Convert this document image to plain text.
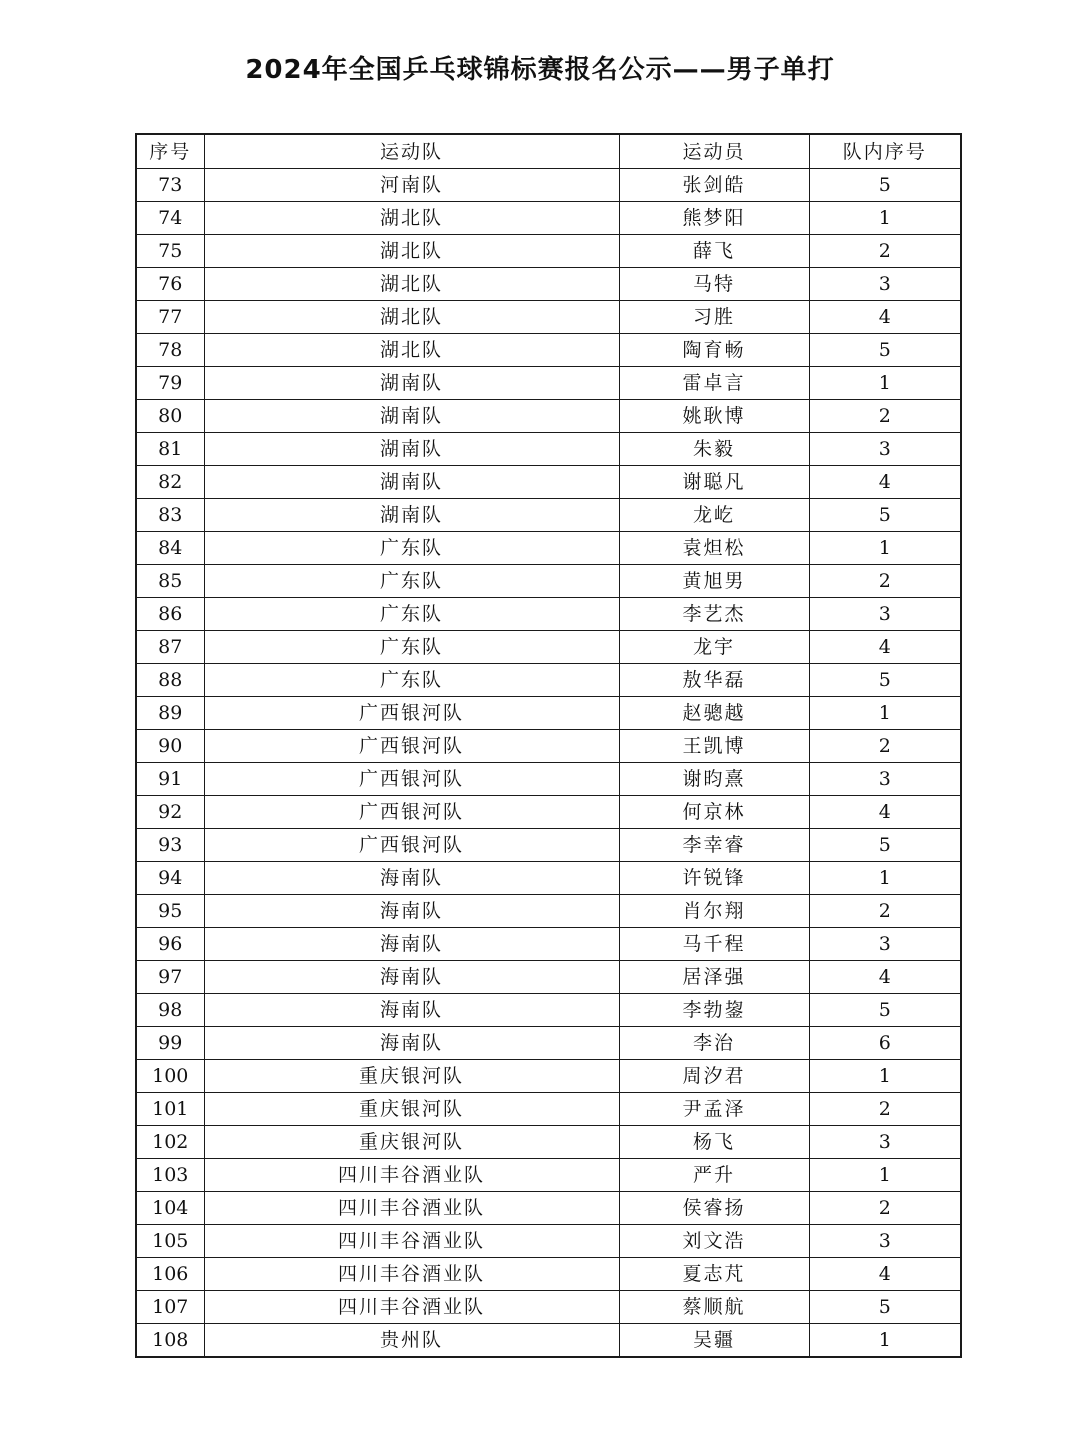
2024年全国乒乓球锦标赛报名公示——男子单打
序号	运动队	运动员	队内序号
73	河南队	张剑皓	5
74	湖北队	熊梦阳	1
75	湖北队	薛飞	2
76	湖北队	马特	3
77	湖北队	习胜	4
78	湖北队	陶育畅	5
79	湖南队	雷卓言	1
80	湖南队	姚耿博	2
81	湖南队	朱毅	3
82	湖南队	谢聪凡	4
83	湖南队	龙屹	5
84	广东队	袁炟松	1
85	广东队	黄旭男	2
86	广东队	李艺杰	3
87	广东队	龙宇	4
88	广东队	敖华磊	5
89	广西银河队	赵骢越	1
90	广西银河队	王凯博	2
91	广西银河队	谢昀熹	3
92	广西银河队	何京林	4
93	广西银河队	李幸睿	5
94	海南队	许锐锋	1
95	海南队	肖尔翔	2
96	海南队	马千程	3
97	海南队	居泽强	4
98	海南队	李勃鋆	5
99	海南队	李治	6
100	重庆银河队	周汐君	1
101	重庆银河队	尹孟泽	2
102	重庆银河队	杨飞	3
103	四川丰谷酒业队	严升	1
104	四川丰谷酒业队	侯睿扬	2
105	四川丰谷酒业队	刘文浩	3
106	四川丰谷酒业队	夏志芃	4
107	四川丰谷酒业队	蔡顺航	5
108	贵州队	吴疆	1
